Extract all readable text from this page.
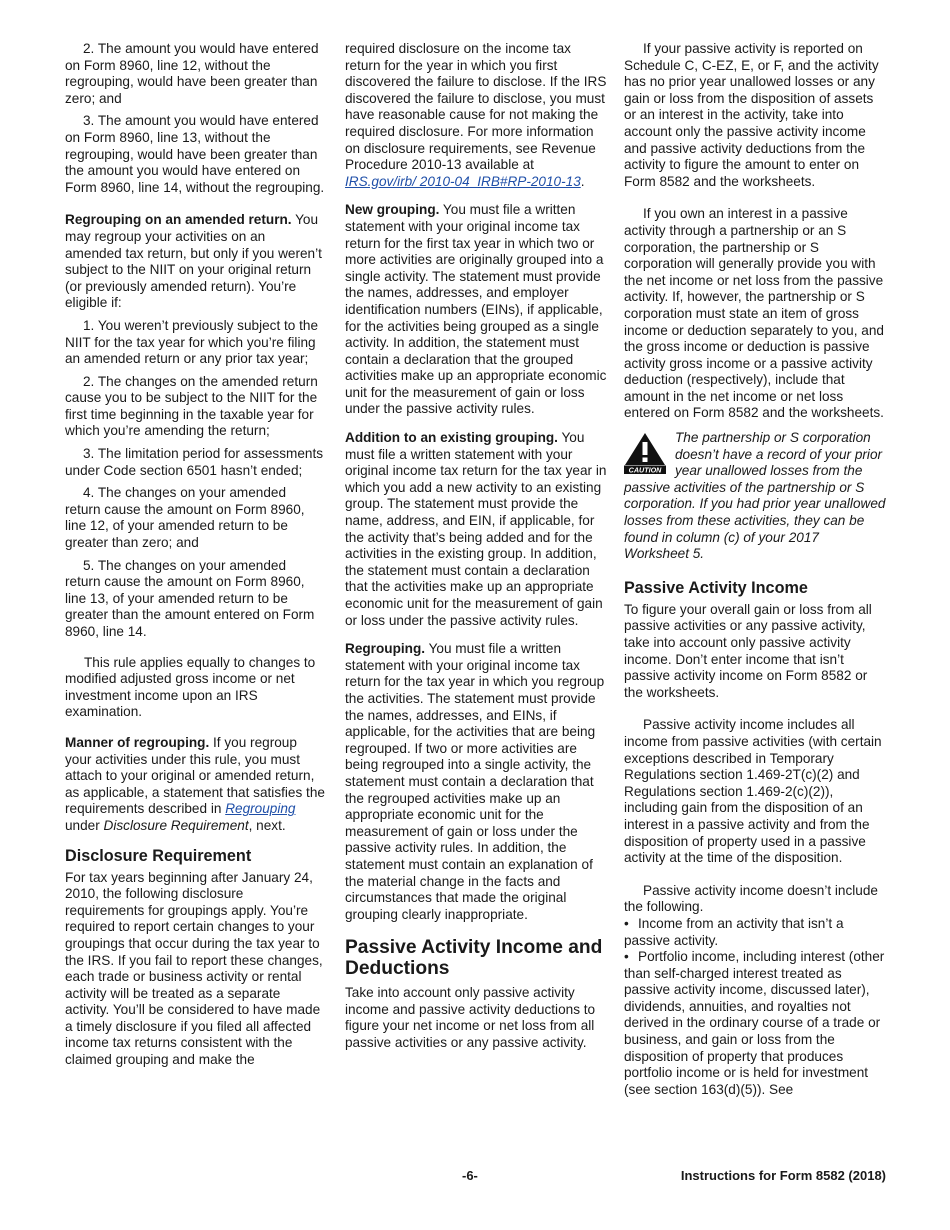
2. The amount you would have entered on Form 8960, line 12, without the regrouping, would have been greater than zero; and

3. The amount you would have entered on Form 8960, line 13, without the regrouping, would have been greater than the amount you would have entered on Form 8960, line 14, without the regrouping.

Regrouping on an amended return. You may regroup your activities on an amended tax return, but only if you weren’t subject to the NIIT on your original return (or previously amended return). You’re eligible if:

1. You weren’t previously subject to the NIIT for the tax year for which you’re filing an amended return or any prior tax year;

2. The changes on the amended return cause you to be subject to the NIIT for the first time beginning in the taxable year for which you’re amending the return;

3. The limitation period for assessments under Code section 6501 hasn’t ended;

4. The changes on your amended return cause the amount on Form 8960, line 12, of your amended return to be greater than zero; and

5. The changes on your amended return cause the amount on Form 8960, line 13, of your amended return to be greater than the amount entered on Form 8960, line 14.

This rule applies equally to changes to modified adjusted gross income or net investment income upon an IRS examination.

Manner of regrouping. If you regroup your activities under this rule, you must attach to your original or amended return, as applicable, a statement that satisfies the requirements described in Regrouping under Disclosure Requirement, next.

Disclosure Requirement

For tax years beginning after January 24, 2010, the following disclosure requirements for groupings apply. You’re required to report certain changes to your groupings that occur during the tax year to the IRS. If you fail to report these changes, each trade or business activity or rental activity will be treated as a separate activity. You’ll be considered to have made a timely disclosure if you filed all affected income tax returns consistent with the claimed grouping and make the

required disclosure on the income tax return for the year in which you first discovered the failure to disclose. If the IRS discovered the failure to disclose, you must have reasonable cause for not making the required disclosure. For more information on disclosure requirements, see Revenue Procedure 2010-13 available at IRS.gov/irb/ 2010-04_IRB#RP-2010-13.

New grouping. You must file a written statement with your original income tax return for the first tax year in which two or more activities are originally grouped into a single activity. The statement must provide the names, addresses, and employer identification numbers (EINs), if applicable, for the activities being grouped as a single activity. In addition, the statement must contain a declaration that the grouped activities make up an appropriate economic unit for the measurement of gain or loss under the passive activity rules.

Addition to an existing grouping. You must file a written statement with your original income tax return for the tax year in which you add a new activity to an existing group. The statement must provide the name, address, and EIN, if applicable, for the activity that’s being added and for the activities in the existing group. In addition, the statement must contain a declaration that the activities make up an appropriate economic unit for the measurement of gain or loss under the passive activity rules.

Regrouping. You must file a written statement with your original income tax return for the tax year in which you regroup the activities. The statement must provide the names, addresses, and EINs, if applicable, for the activities that are being regrouped. If two or more activities are being regrouped into a single activity, the statement must contain a declaration that the regrouped activities make up an appropriate economic unit for the measurement of gain or loss under the passive activity rules. In addition, the statement must contain an explanation of the material change in the facts and circumstances that made the original grouping clearly inappropriate.

Passive Activity Income and Deductions

Take into account only passive activity income and passive activity deductions to figure your net income or net loss from all passive activities or any passive activity.

If your passive activity is reported on Schedule C, C-EZ, E, or F, and the activity has no prior year unallowed losses or any gain or loss from the disposition of assets or an interest in the activity, take into account only the passive activity income and passive activity deductions from the activity to figure the amount to enter on Form 8582 and the worksheets.

If you own an interest in a passive activity through a partnership or an S corporation, the partnership or S corporation will generally provide you with the net income or net loss from the passive activity. If, however, the partnership or S corporation must state an item of gross income or deduction separately to you, and the gross income or deduction is passive activity gross income or a passive activity deduction (respectively), include that amount in the net income or net loss entered on Form 8582 and the worksheets.

CAUTION
The partnership or S corporation doesn’t have a record of your prior year unallowed losses from the passive activities of the partnership or S corporation. If you had prior year unallowed losses from these activities, they can be found in column (c) of your 2017 Worksheet 5.
Passive Activity Income

To figure your overall gain or loss from all passive activities or any passive activity, take into account only passive activity income. Don’t enter income that isn’t passive activity income on Form 8582 or the worksheets.

Passive activity income includes all income from passive activities (with certain exceptions described in Temporary Regulations section 1.469-2T(c)(2) and Regulations section 1.469-2(c)(2)), including gain from the disposition of an interest in a passive activity and from the disposition of property used in a passive activity at the time of the disposition.

Passive activity income doesn’t include the following.

• Income from an activity that isn’t a passive activity.

• Portfolio income, including interest (other than self-charged interest treated as passive activity income, discussed later), dividends, annuities, and royalties not derived in the ordinary course of a trade or business, and gain or loss from the disposition of property that produces portfolio income or is held for investment (see section 163(d)(5)). See

-6-	Instructions for Form 8582 (2018)
